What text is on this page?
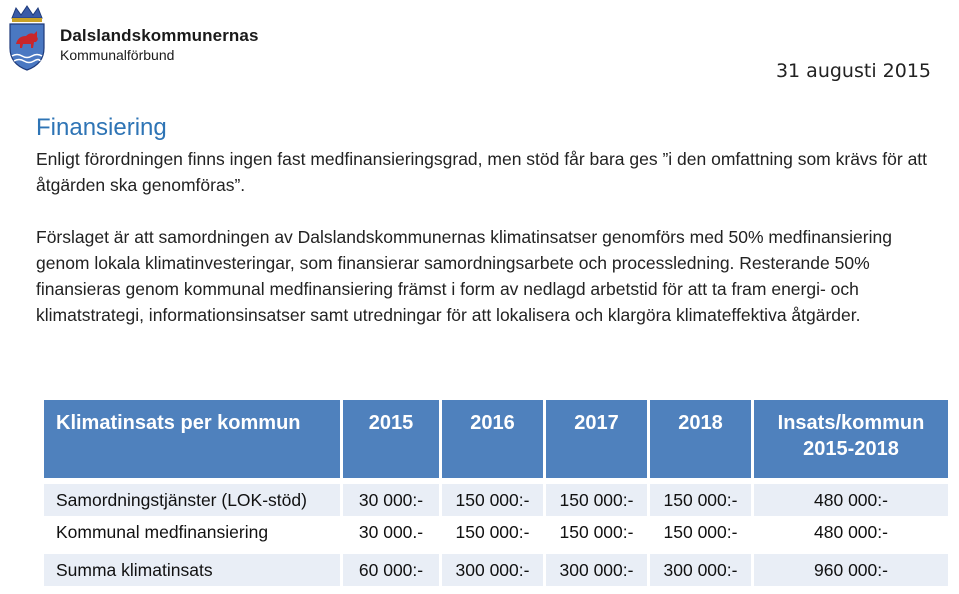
Dalslandskommunernas
Kommunalförbund
31 augusti 2015
Finansiering

Enligt förordningen finns ingen fast medfinansieringsgrad, men stöd får bara ges ”i den omfattning som krävs för att åtgärden ska genomföras”.

Förslaget är att samordningen av Dalslandskommunernas klimatinsatser genomförs med 50% medfinansiering genom lokala klimatinvesteringar, som finansierar samordningsarbete och processledning. Resterande 50% finansieras genom kommunal medfinansiering främst i form av nedlagd arbetstid för att ta fram energi- och klimatstrategi, informationsinsatser samt utredningar för att lokalisera och klargöra klimateffektiva åtgärder.

Klimatinsats per kommun	2015	2016	2017	2018	Insats/kommun 2015-2018

Samordningstjänster (LOK-stöd)	30 000:-	150 000:-	150 000:-	150 000:-	480 000:-
Kommunal medfinansiering	30 000.-	150 000:-	150 000:-	150 000:-	480 000:-

Summa klimatinsats	60 000:-	300 000:-	300 000:-	300 000:-	960 000:-
